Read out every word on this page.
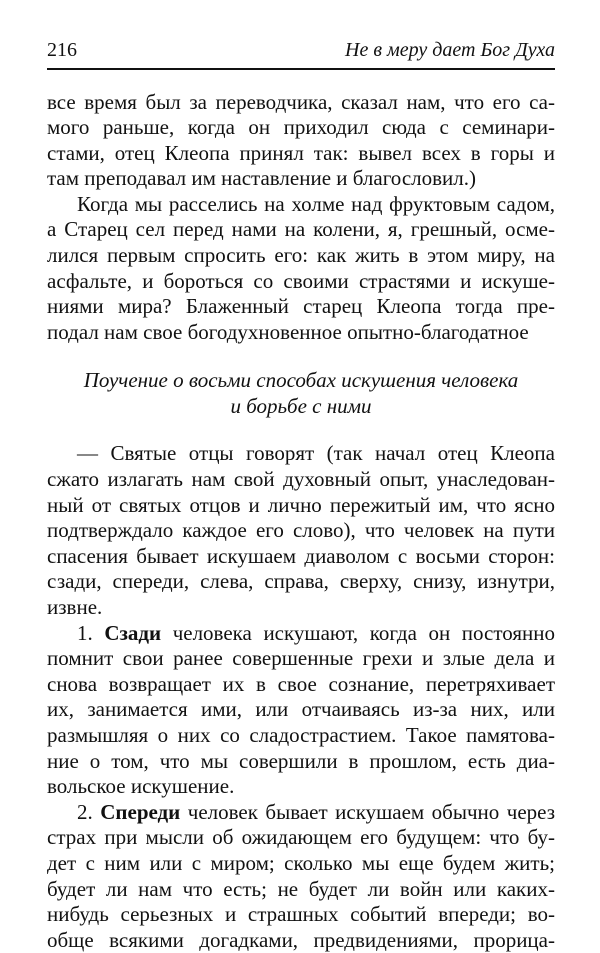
216	Не в меру дает Бог Духа

все время был за переводчика, сказал нам, что его са-
мого раньше, когда он приходил сюда с семинари-
стами, отец Клеопа принял так: вывел всех в горы и
там преподавал им наставление и благословил.)

Когда мы расселись на холме над фруктовым садом,
а Старец сел перед нами на колени, я, грешный, осме-
лился первым спросить его: как жить в этом миру, на
асфальте, и бороться со своими страстями и искуше-
ниями мира? Блаженный старец Клеопа тогда пре-
подал нам свое богодухновенное опытно-благодатное

Поучение о восьми способах искушения человека
и борьбе с ними

— Святые отцы говорят (так начал отец Клеопа
сжато излагать нам свой духовный опыт, унаследован-
ный от святых отцов и лично пережитый им, что ясно
подтверждало каждое его слово), что человек на пути
спасения бывает искушаем диаволом с восьми сторон:
сзади, спереди, слева, справа, сверху, снизу, изнутри,
извне.

1. Сзади человека искушают, когда он постоянно
помнит свои ранее совершенные грехи и злые дела и
снова возвращает их в свое сознание, перетряхивает
их, занимается ими, или отчаиваясь из-за них, или
размышляя о них со сладострастием. Такое памятова-
ние о том, что мы совершили в прошлом, есть диа-
вольское искушение.

2. Спереди человек бывает искушаем обычно через
страх при мысли об ожидающем его будущем: что бу-
дет с ним или с миром; сколько мы еще будем жить;
будет ли нам что есть; не будет ли войн или каких-
нибудь серьезных и страшных событий впереди; во-
обще всякими догадками, предвидениями, прорица-
